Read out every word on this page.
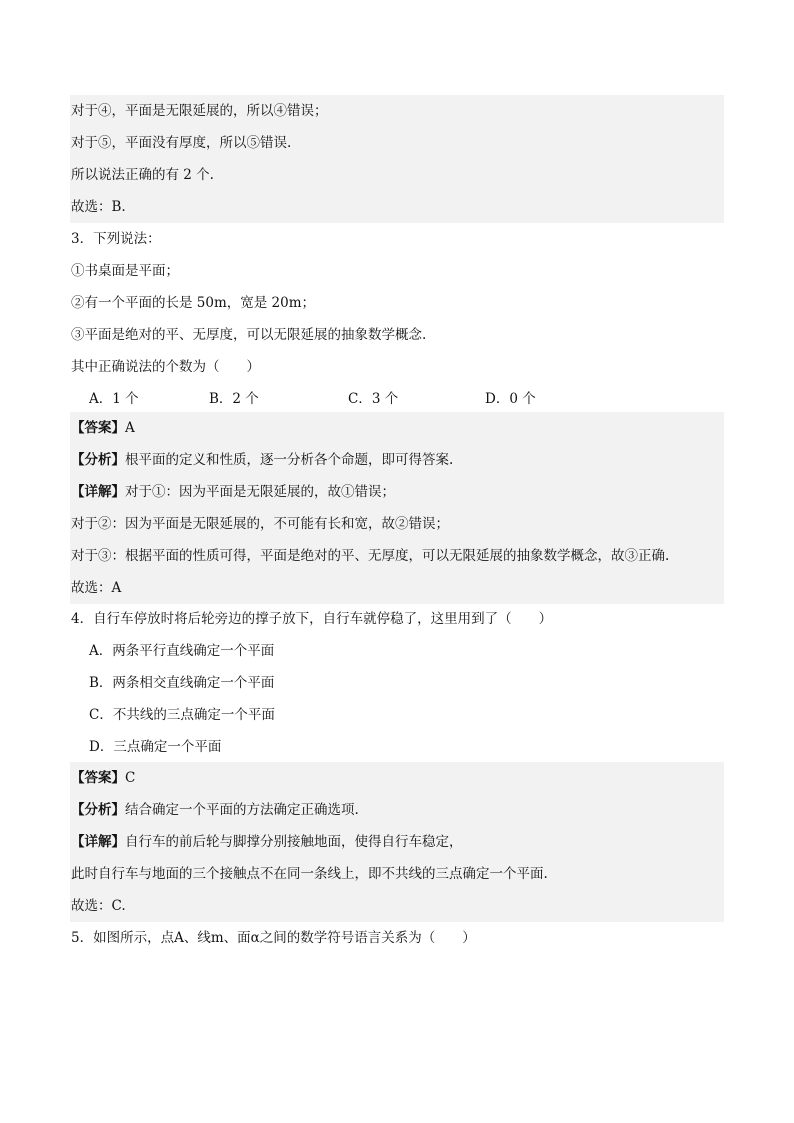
对于④，平面是无限延展的，所以④错误；
对于⑤，平面没有厚度，所以⑤错误.
所以说法正确的有 2 个.
故选：B.
3．下列说法：
①书桌面是平面；
②有一个平面的长是 50m，宽是 20m；
③平面是绝对的平、无厚度，可以无限延展的抽象数学概念.
其中正确说法的个数为（　　）
A．1 个	B．2 个	C．3 个	D．0 个
【答案】A
【分析】根平面的定义和性质，逐一分析各个命题，即可得答案.
【详解】对于①：因为平面是无限延展的，故①错误；
对于②：因为平面是无限延展的，不可能有长和宽，故②错误；
对于③：根据平面的性质可得，平面是绝对的平、无厚度，可以无限延展的抽象数学概念，故③正确.
故选：A
4．自行车停放时将后轮旁边的撑子放下，自行车就停稳了，这里用到了（　　）
A．两条平行直线确定一个平面
B．两条相交直线确定一个平面
C．不共线的三点确定一个平面
D．三点确定一个平面
【答案】C
【分析】结合确定一个平面的方法确定正确选项.
【详解】自行车的前后轮与脚撑分别接触地面，使得自行车稳定，
此时自行车与地面的三个接触点不在同一条线上，即不共线的三点确定一个平面.
故选：C.
5．如图所示，点A、线m、面α之间的数学符号语言关系为（　　）
